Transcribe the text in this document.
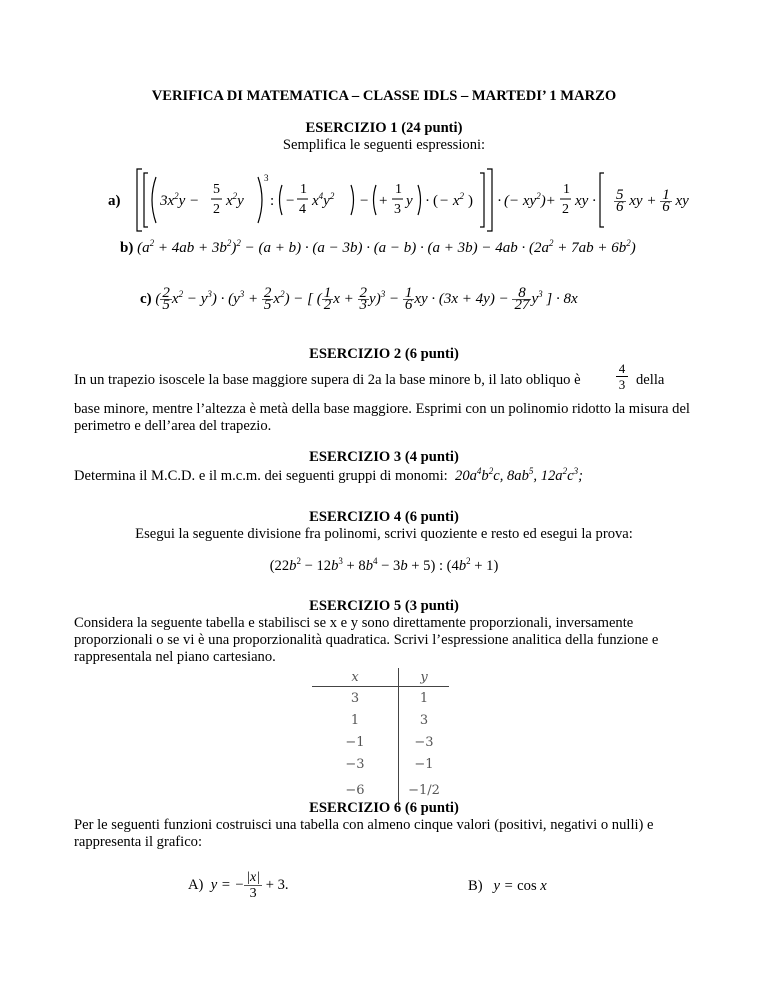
VERIFICA DI MATEMATICA – CLASSE IDLS – MARTEDI’ 1 MARZO
ESERCIZIO 1 (24 punti)
Semplifica le seguenti espressioni:
a)	$3x^2y$ −
5
2
$x^2y$
3
: −
1
4
$x^4y^2$ − +
1
3
y · ( − $x^2$ ) · (− $xy^2)+$
1
2
xy · $\frac{5}{6}$ xy + $\frac{1}{6}$ xy
b) $(a^2 + 4ab + 3b^2)^2 - (a + b) \cdot (a - 3b) \cdot (a - b) \cdot (a + 3b) - 4ab \cdot (2a^2 + 7ab + 6b^2)$
c) ( $\frac{2}{5} x^2 - y^3) \cdot (y^3 + \frac{2}{5} x^2)$ − [ ( $\frac{1}{2}$ $x + \frac{2}{3} y)^3 - \frac{1}{6}$ xy · $(3x + 4y) - \frac{8}{27} y^3$ ] · 8x
ESERCIZIO 2 (6 punti)
In un trapezio isoscele la base maggiore supera di 2a la base minore b, il lato obliquo è
4
3 della
base minore, mentre l’altezza è metà della base maggiore. Esprimi con un polinomio ridotto la misura del perimetro e dell’area del trapezio.
ESERCIZIO 3 (4 punti)
Determina il M.C.D. e il m.c.m. dei seguenti gruppi di monomi:  $20a^4b^2c$, $8ab^5$, $12a^2c^3$;
ESERCIZIO 4 (6 punti)
Esegui la seguente divisione fra polinomi, scrivi quoziente e resto ed esegui la prova:
$(22b^2 - 12b^3 + 8b^4 - 3b + 5)$ : $(4b^2 + 1)$
ESERCIZIO 5 (3 punti)
Considera la seguente tabella e stabilisci se x e y sono direttamente proporzionali, inversamente proporzionali o se vi è una proporzionalità quadratica. Scrivi l’espressione analitica della funzione e rappresentala nel piano cartesiano.
x	y
3	1
1	3
−1	−3
−3	−1
−6	−1/2
ESERCIZIO 6 (6 punti)
Per le seguenti funzioni costruisci una tabella con almeno cinque valori (positivi, negativi o nulli) e rappresenta il grafico:
A)  y = − $\frac{|x|}{3} + 3$.	B)   y = cos x
